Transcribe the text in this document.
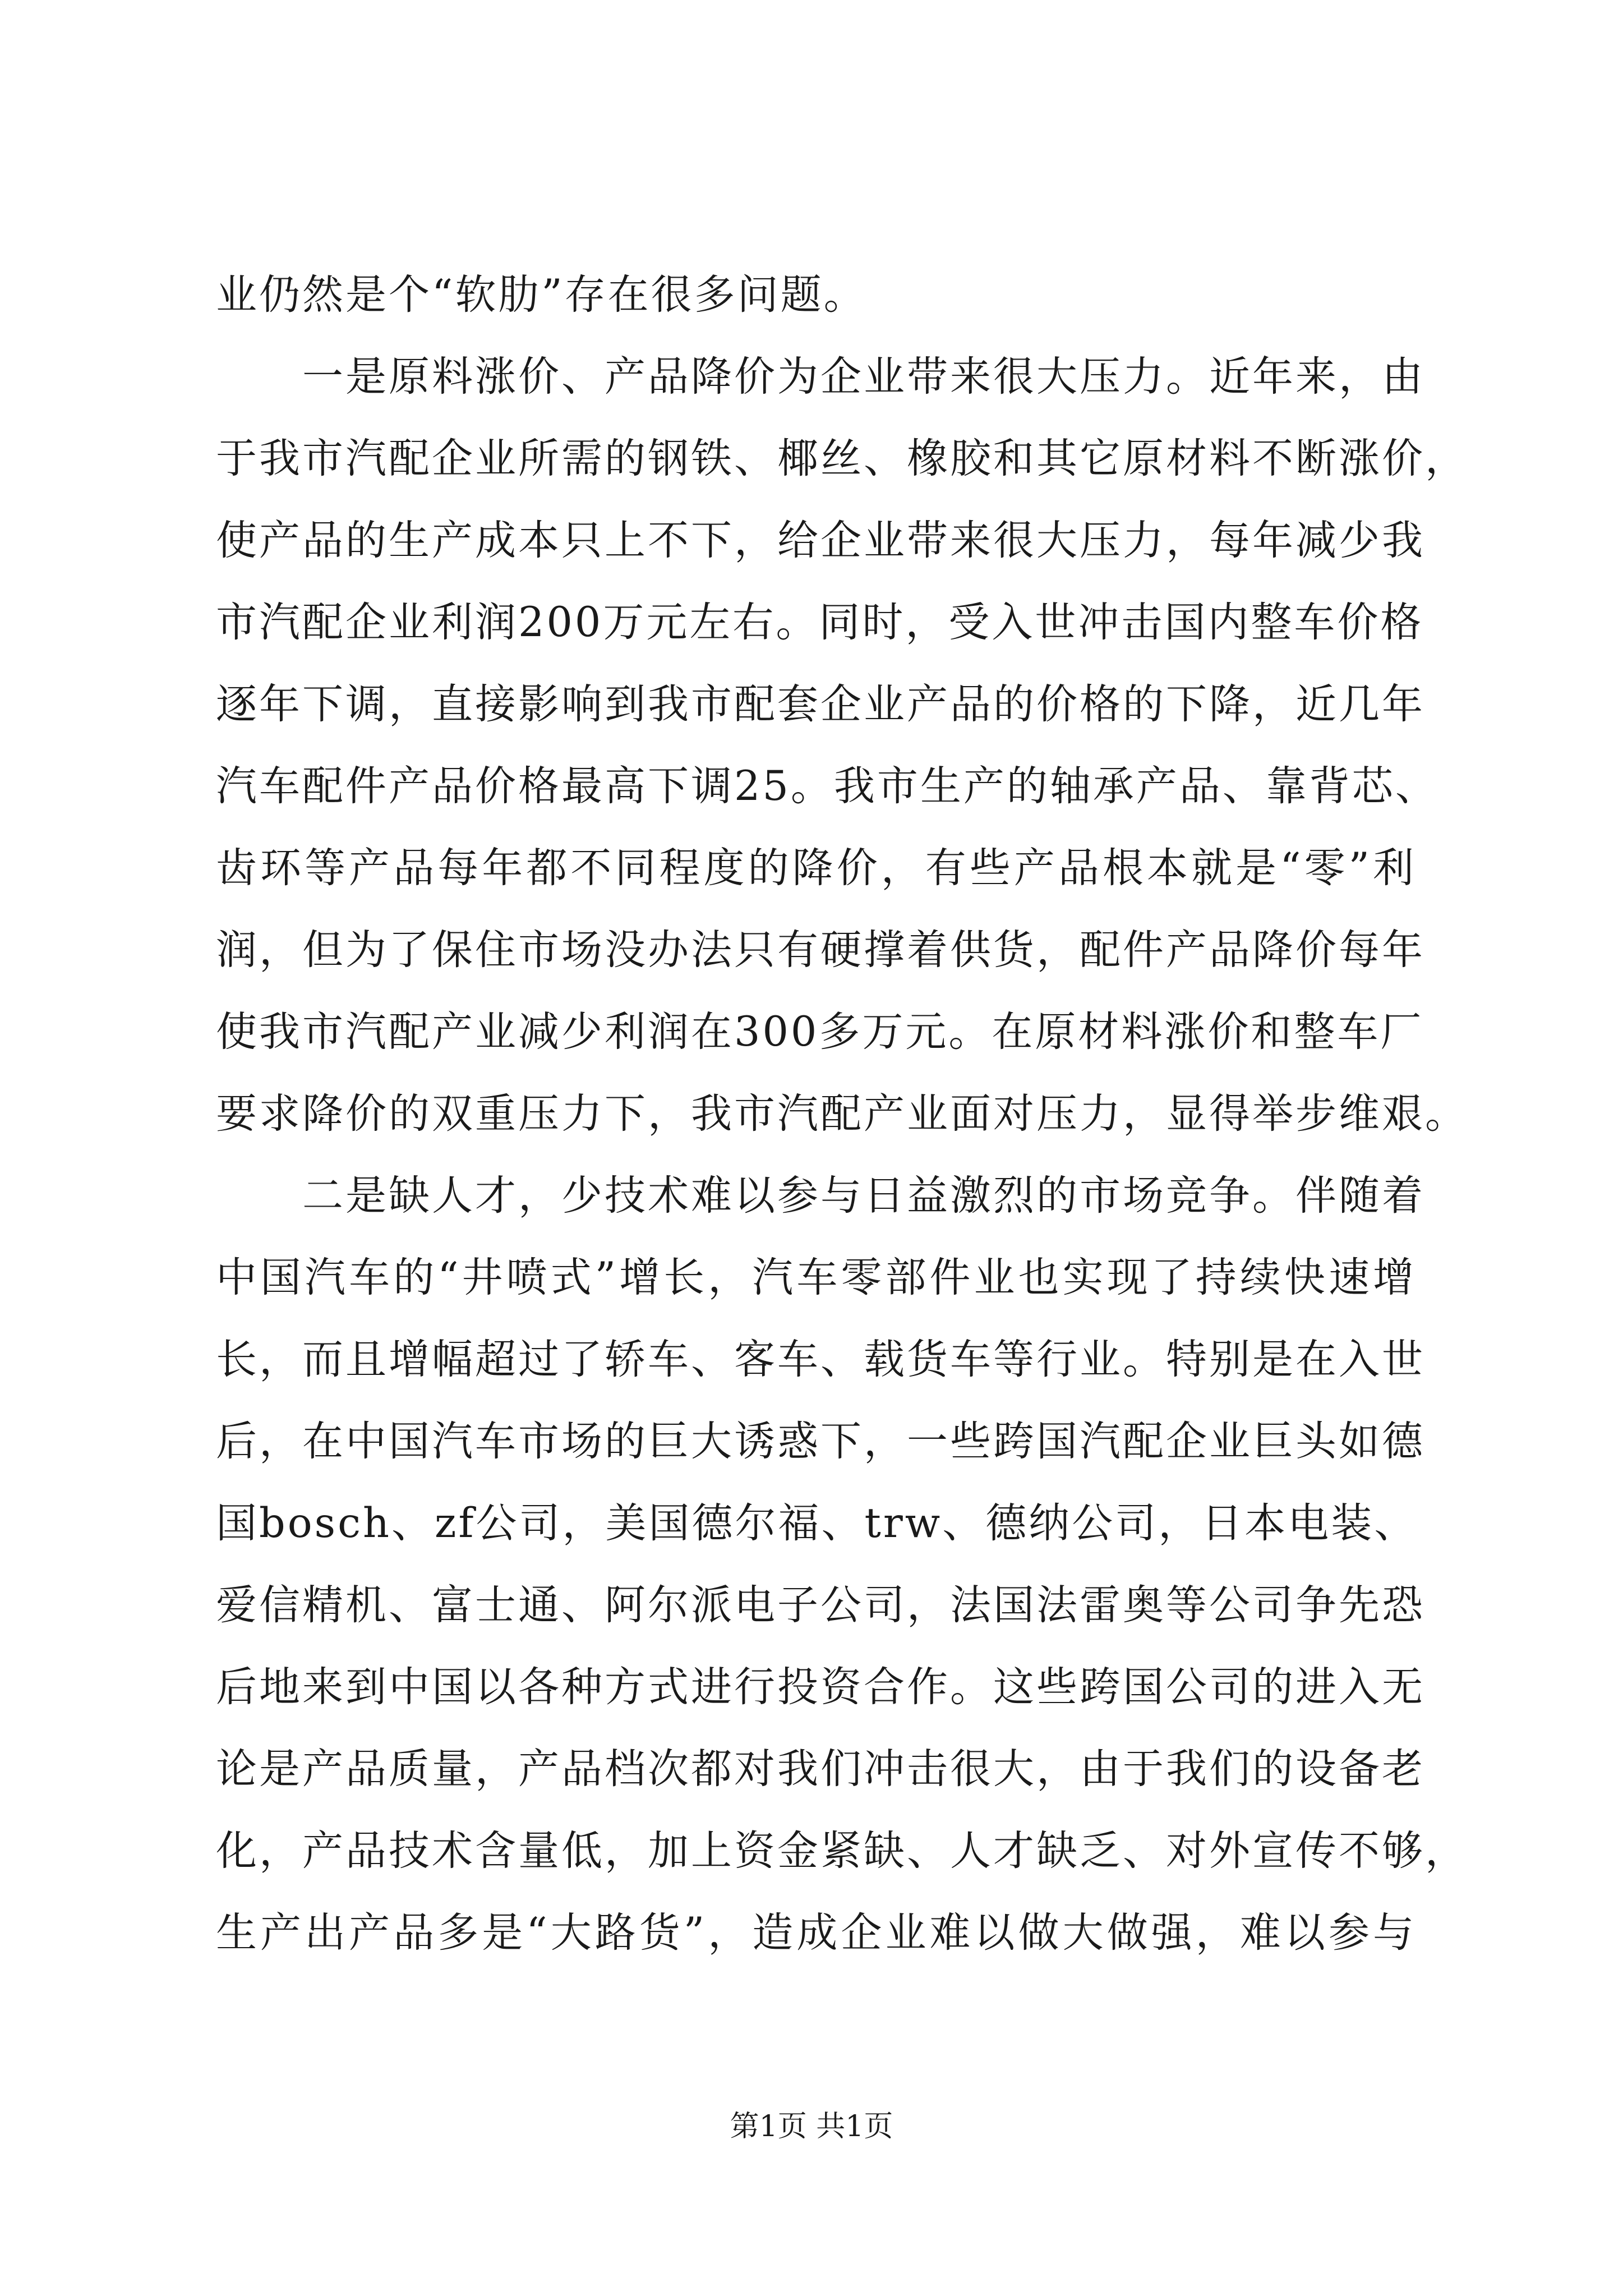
业仍然是个“软肋”存在很多问题。
一是原料涨价、产品降价为企业带来很大压力。近年来，由
于我市汽配企业所需的钢铁、椰丝、橡胶和其它原材料不断涨价，
使产品的生产成本只上不下，给企业带来很大压力，每年减少我
市汽配企业利润200万元左右。同时，受入世冲击国内整车价格
逐年下调，直接影响到我市配套企业产品的价格的下降，近几年
汽车配件产品价格最高下调25。我市生产的轴承产品、靠背芯、
齿环等产品每年都不同程度的降价，有些产品根本就是“零”利
润，但为了保住市场没办法只有硬撑着供货，配件产品降价每年
使我市汽配产业减少利润在300多万元。在原材料涨价和整车厂
要求降价的双重压力下，我市汽配产业面对压力，显得举步维艰。
二是缺人才，少技术难以参与日益激烈的市场竞争。伴随着
中国汽车的“井喷式”增长，汽车零部件业也实现了持续快速增
长，而且增幅超过了轿车、客车、载货车等行业。特别是在入世
后，在中国汽车市场的巨大诱惑下，一些跨国汽配企业巨头如德
国bosch、zf公司，美国德尔福、trw、德纳公司，日本电装、
爱信精机、富士通、阿尔派电子公司，法国法雷奥等公司争先恐
后地来到中国以各种方式进行投资合作。这些跨国公司的进入无
论是产品质量，产品档次都对我们冲击很大，由于我们的设备老
化，产品技术含量低，加上资金紧缺、人才缺乏、对外宣传不够，
生产出产品多是“大路货”，造成企业难以做大做强，难以参与
第1页 共1页
